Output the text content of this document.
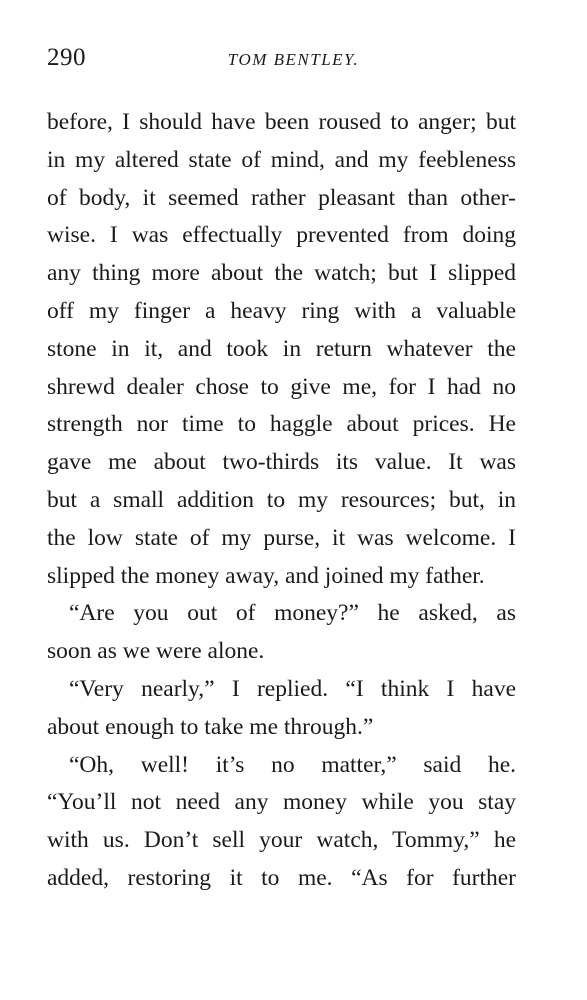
290	TOM BENTLEY.
before, I should have been roused to anger; but
in my altered state of mind, and my feebleness
of body, it seemed rather pleasant than other-
wise. I was effectually prevented from doing
any thing more about the watch; but I slipped
off my finger a heavy ring with a valuable
stone in it, and took in return whatever the
shrewd dealer chose to give me, for I had no
strength nor time to haggle about prices. He
gave me about two-thirds its value. It was
but a small addition to my resources; but, in
the low state of my purse, it was welcome. I
slipped the money away, and joined my father.
“Are you out of money?” he asked, as
soon as we were alone.
“Very nearly,” I replied. “I think I have
about enough to take me through.”
“Oh, well! it’s no matter,” said he.
“You’ll not need any money while you stay
with us. Don’t sell your watch, Tommy,” he
added, restoring it to me. “As for further
